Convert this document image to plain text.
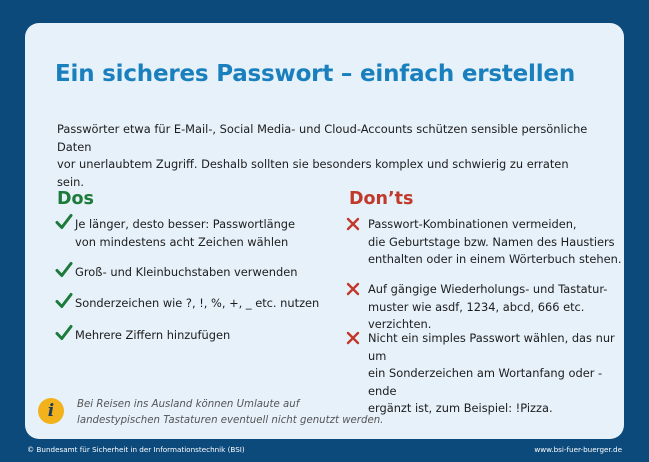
Ein sicheres Passwort – einfach erstellen

Passwörter etwa für E-Mail-, Social Media- und Cloud-Accounts schützen sensible persönliche Daten
vor unerlaubtem Zugriff. Deshalb sollten sie besonders komplex und schwierig zu erraten sein.

Dos	Don’ts
Je länger, desto besser: Passwortlänge
von mindestens acht Zeichen wählen
Groß- und Kleinbuchstaben verwenden
Sonderzeichen wie ?, !, %, +, _ etc. nutzen
Mehrere Ziffern hinzufügen
Passwort-Kombinationen vermeiden,
die Geburtstage bzw. Namen des Haustiers
enthalten oder in einem Wörterbuch stehen.
Auf gängige Wiederholungs- und Tastatur-
muster wie asdf, 1234, abcd, 666 etc. verzichten.
Nicht ein simples Passwort wählen, das nur um
ein Sonderzeichen am Wortanfang oder -ende
ergänzt ist, zum Beispiel: !Pizza.
i	Bei Reisen ins Ausland können Umlaute auf
landestypischen Tastaturen eventuell nicht genutzt werden.
© Bundesamt für Sicherheit in der Informationstechnik (BSI)	www.bsi-fuer-buerger.de
